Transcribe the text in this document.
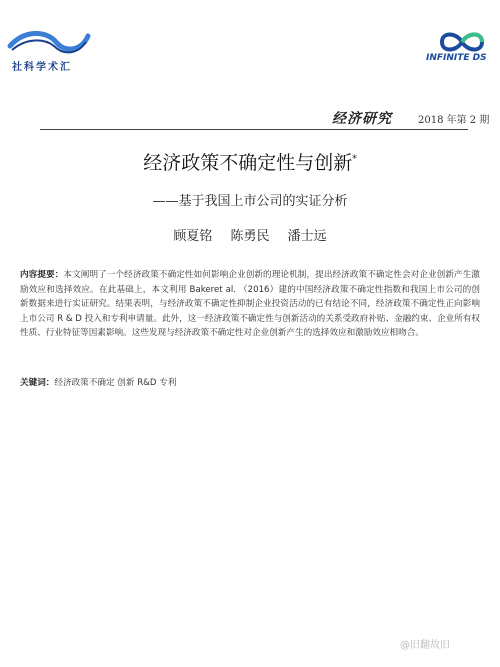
社科学术汇
INFINITE DS
经济研究	2018 年第 2 期
经济政策不确定性与创新*
——基于我国上市公司的实证分析
顾夏铭 陈勇民 潘士远
内容提要：本文阐明了一个经济政策不确定性如何影响企业创新的理论机制，提出经济政策不确定性会对企业创新产生激励效应和选择效应。在此基础上，本文利用 Bakeret al. （2016）建的中国经济政策不确定性指数和我国上市公司的创新数据来进行实证研究。结果表明，与经济政策不确定性抑制企业投资活动的已有结论不同，经济政策不确定性正向影响上市公司 R & D 投入和专利申请量。此外，这一经济政策不确定性与创新活动的关系受政府补贴、金融约束、企业所有权性质、行业特征等因素影响。这些发现与经济政策不确定性对企业创新产生的选择效应和激励效应相吻合。
关键词：经济政策不确定 创新 R&D 专利
@旧翻故旧
